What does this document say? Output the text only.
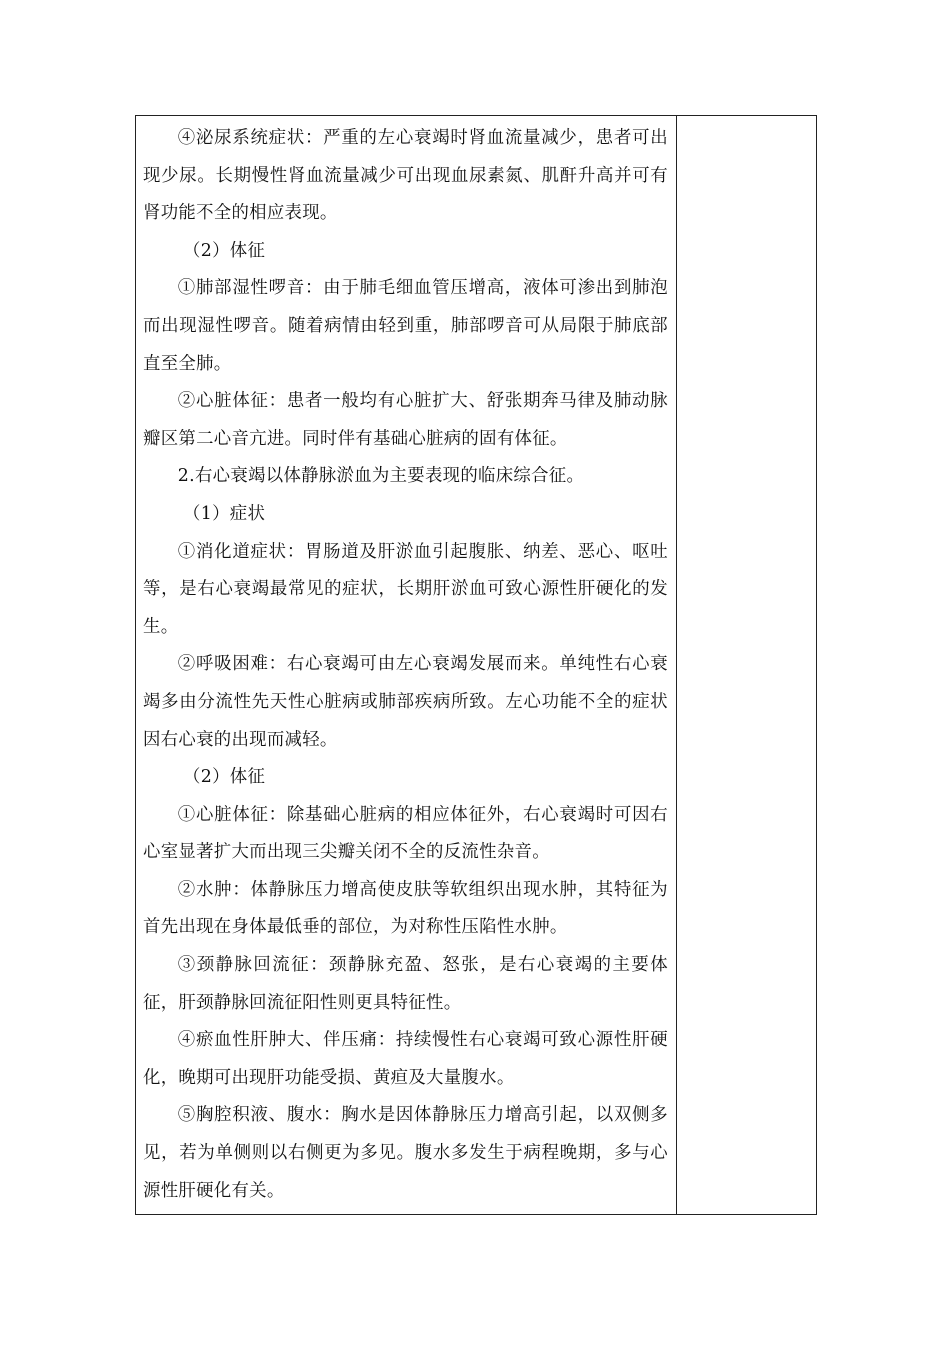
④泌尿系统症状：严重的左心衰竭时肾血流量减少，患者可出现少尿。长期慢性肾血流量减少可出现血尿素氮、肌酐升高并可有肾功能不全的相应表现。

（2）体征

①肺部湿性啰音：由于肺毛细血管压增高，液体可渗出到肺泡而出现湿性啰音。随着病情由轻到重，肺部啰音可从局限于肺底部直至全肺。

②心脏体征：患者一般均有心脏扩大、舒张期奔马律及肺动脉瓣区第二心音亢进。同时伴有基础心脏病的固有体征。

2.右心衰竭以体静脉淤血为主要表现的临床综合征。

（1）症状

①消化道症状：胃肠道及肝淤血引起腹胀、纳差、恶心、呕吐等，是右心衰竭最常见的症状，长期肝淤血可致心源性肝硬化的发生。

②呼吸困难：右心衰竭可由左心衰竭发展而来。单纯性右心衰竭多由分流性先天性心脏病或肺部疾病所致。左心功能不全的症状因右心衰的出现而减轻。

（2）体征

①心脏体征：除基础心脏病的相应体征外，右心衰竭时可因右心室显著扩大而出现三尖瓣关闭不全的反流性杂音。

②水肿：体静脉压力增高使皮肤等软组织出现水肿，其特征为首先出现在身体最低垂的部位，为对称性压陷性水肿。

③颈静脉回流征：颈静脉充盈、怒张，是右心衰竭的主要体征，肝颈静脉回流征阳性则更具特征性。

④瘀血性肝肿大、伴压痛：持续慢性右心衰竭可致心源性肝硬化，晚期可出现肝功能受损、黄疸及大量腹水。

⑤胸腔积液、腹水：胸水是因体静脉压力增高引起，以双侧多见，若为单侧则以右侧更为多见。腹水多发生于病程晚期，多与心源性肝硬化有关。
